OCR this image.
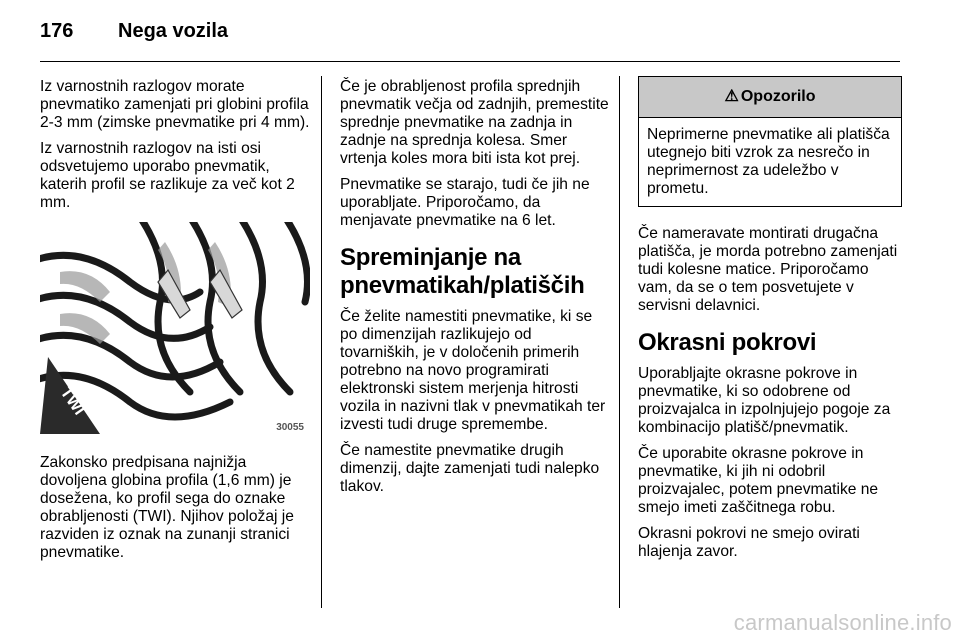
176 Nega vozila

Iz varnostnih razlogov morate pnevmatiko zamenjati pri globini profila 2-3 mm (zimske pnevmatike pri 4 mm).

Iz varnostnih razlogov na isti osi odsvetujemo uporabo pnevmatik, katerih profil se razlikuje za več kot 2 mm.

TWI
30055

Zakonsko predpisana najnižja dovoljena globina profila (1,6 mm) je dosežena, ko profil sega do oznake obrabljenosti (TWI). Njihov položaj je razviden iz oznak na zunanji stranici pnevmatike.

Če je obrabljenost profila sprednjih pnevmatik večja od zadnjih, premestite sprednje pnevmatike na zadnja in zadnje na sprednja kolesa. Smer vrtenja koles mora biti ista kot prej.

Pnevmatike se starajo, tudi če jih ne uporabljate. Priporočamo, da menjavate pnevmatike na 6 let.

Spreminjanje na pnevmatikah/platiščih

Če želite namestiti pnevmatike, ki se po dimenzijah razlikujejo od tovarniških, je v določenih primerih potrebno na novo programirati elektronski sistem merjenja hitrosti vozila in nazivni tlak v pnevmatikah ter izvesti tudi druge spremembe.

Če namestite pnevmatike drugih dimenzij, dajte zamenjati tudi nalepko tlakov.

⚠ Opozorilo

Neprimerne pnevmatike ali platišča utegnejo biti vzrok za nesrečo in neprimernost za udeležbo v prometu.

Če nameravate montirati drugačna platišča, je morda potrebno zamenjati tudi kolesne matice. Priporočamo vam, da se o tem posvetujete v servisni delavnici.

Okrasni pokrovi

Uporabljajte okrasne pokrove in pnevmatike, ki so odobrene od proizvajalca in izpolnjujejo pogoje za kombinacijo platišč/pnevmatik.

Če uporabite okrasne pokrove in pnevmatike, ki jih ni odobril proizvajalec, potem pnevmatike ne smejo imeti zaščitnega robu.

Okrasni pokrovi ne smejo ovirati hlajenja zavor.

carmanualsonline.info
